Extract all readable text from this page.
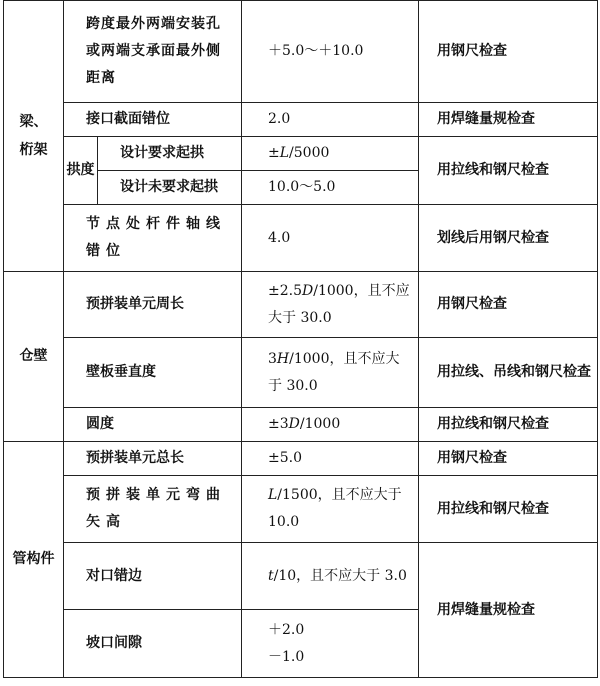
梁、
桁架	跨度最外两端安装孔或两端支承面最外侧距离		＋5.0～＋10.0	用钢尺检查
	接口截面错位		2.0	用焊缝量规检查
	拱度	设计要求起拱	±L/5000	用拉线和钢尺检查
		设计未要求起拱	10.0～5.0	
	节点处杆件轴线错位		4.0	划线后用钢尺检查
仓壁	预拼装单元周长		±2.5D/1000，且不应大于 30.0	用钢尺检查
	壁板垂直度		3H/1000，且不应大于 30.0	用拉线、吊线和钢尺检查
	圆度		±3D/1000	用拉线和钢尺检查
管构件	预拼装单元总长		±5.0	用钢尺检查
	预拼装单元弯曲矢高		L/1500，且不应大于 10.0	用拉线和钢尺检查
	对口错边		t/10，且不应大于 3.0	用焊缝量规检查
	坡口间隙		＋2.0
－1.0	
